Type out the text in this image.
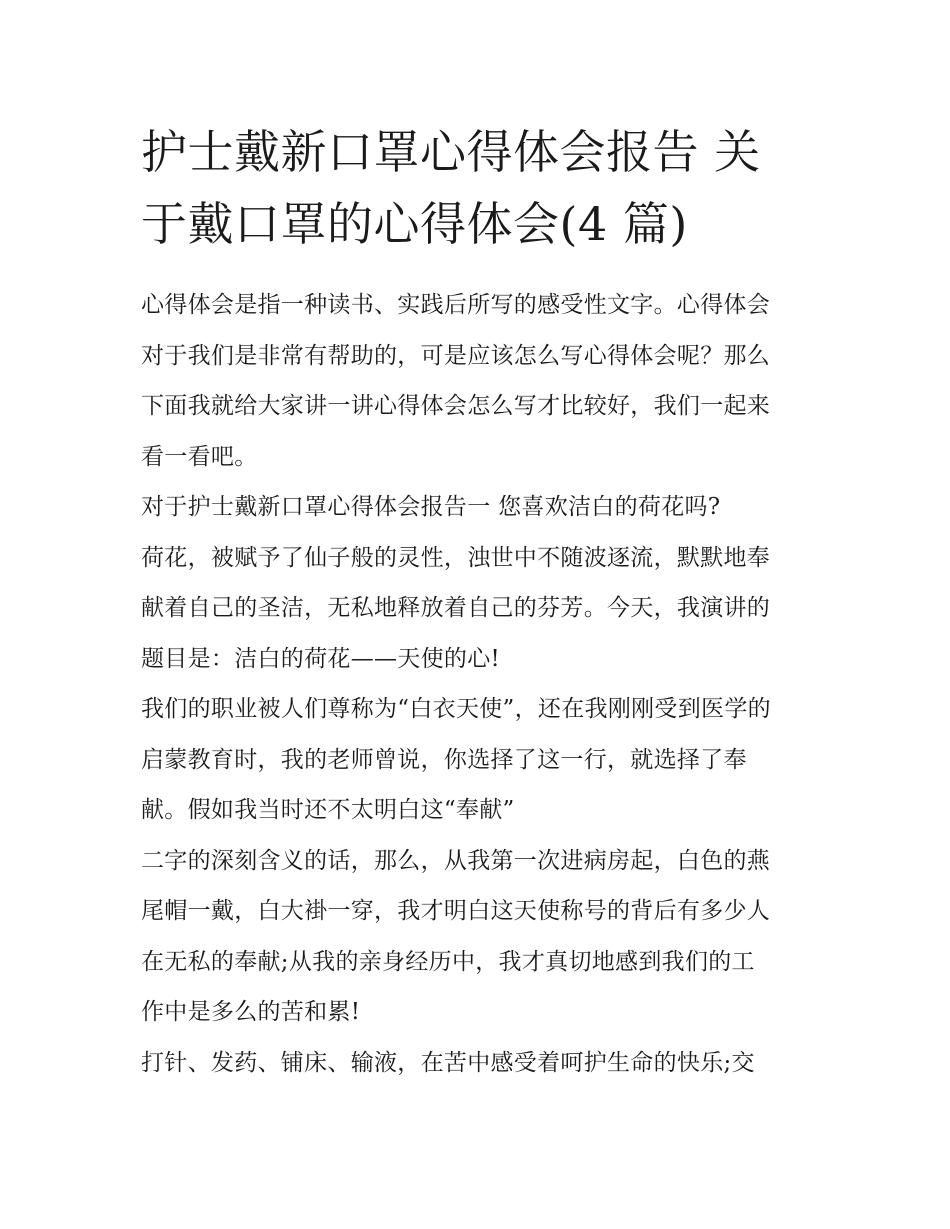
护士戴新口罩心得体会报告 关
于戴口罩的心得体会(4 篇)

心得体会是指一种读书、实践后所写的感受性文字。心得体会
对于我们是非常有帮助的，可是应该怎么写心得体会呢？那么
下面我就给大家讲一讲心得体会怎么写才比较好，我们一起来
看一看吧。

对于护士戴新口罩心得体会报告一 您喜欢洁白的荷花吗?

荷花，被赋予了仙子般的灵性，浊世中不随波逐流，默默地奉
献着自己的圣洁，无私地释放着自己的芬芳。今天，我演讲的
题目是：洁白的荷花——天使的心!

我们的职业被人们尊称为“白衣天使”，还在我刚刚受到医学的
启蒙教育时，我的老师曾说，你选择了这一行，就选择了奉
献。假如我当时还不太明白这“奉献”

二字的深刻含义的话，那么，从我第一次进病房起，白色的燕
尾帽一戴，白大褂一穿，我才明白这天使称号的背后有多少人
在无私的奉献;从我的亲身经历中，我才真切地感到我们的工
作中是多么的苦和累!

打针、发药、铺床、输液，在苦中感受着呵护生命的快乐;交
